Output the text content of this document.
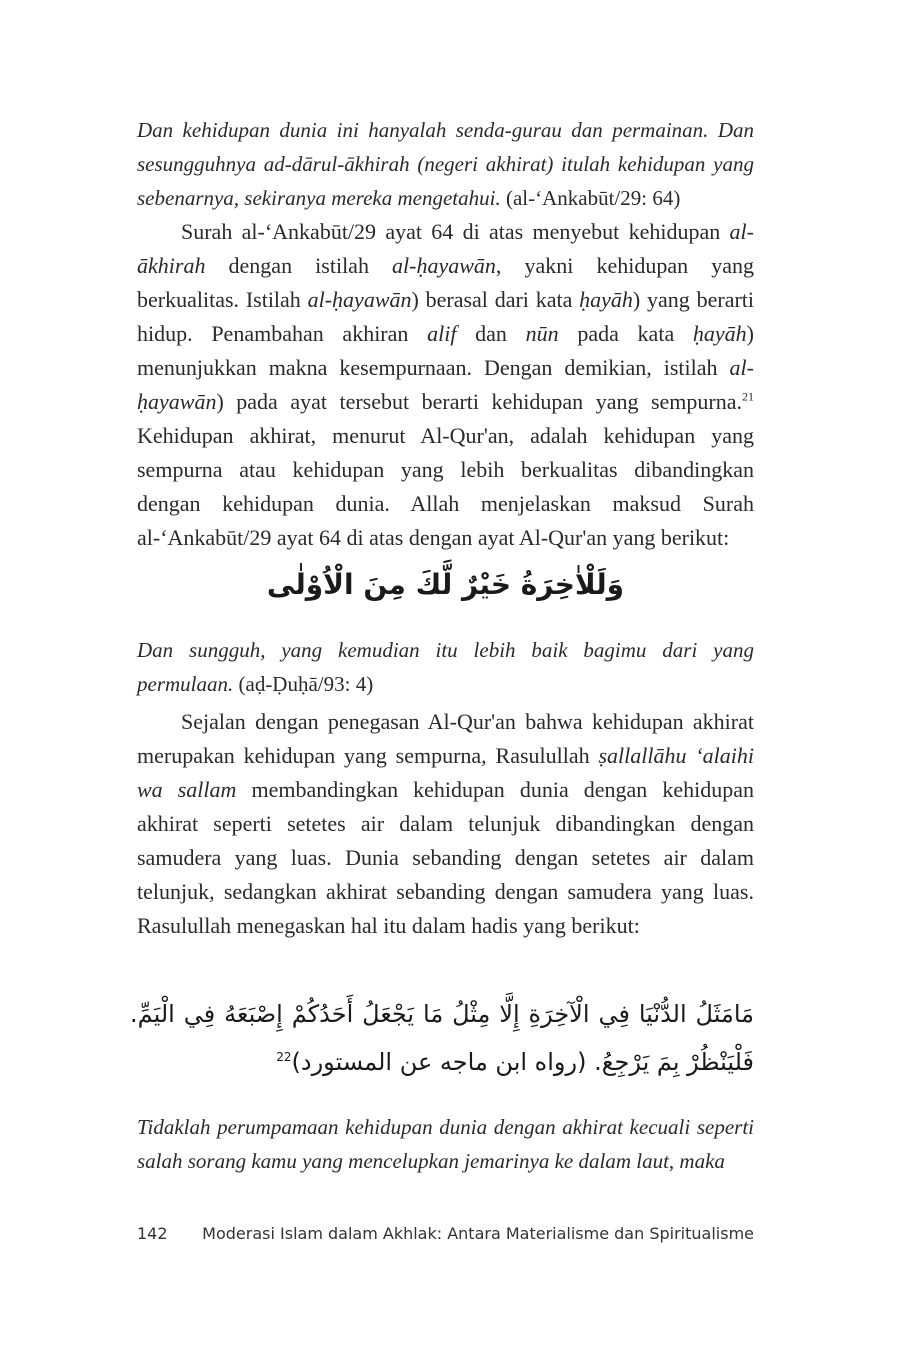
Dan kehidupan dunia ini hanyalah senda-gurau dan permainan. Dan sesungguhnya ad-dārul-ākhirah (negeri akhirat) itulah kehidupan yang sebenarnya, sekiranya mereka mengetahui. (al-‘Ankabūt/29: 64)

Surah al-‘Ankabūt/29 ayat 64 di atas menyebut kehidupan al-ākhirah dengan istilah al-ḥayawān, yakni kehidupan yang berkualitas. Istilah al-ḥayawān) berasal dari kata ḥayāh) yang berarti hidup. Penambahan akhiran alif dan nūn pada kata ḥayāh) menunjukkan makna kesempurnaan. Dengan demikian, istilah al-ḥayawān) pada ayat tersebut berarti kehidupan yang sempurna.$^{21}$ Kehidupan akhirat, menurut Al-Qur'an, adalah kehidupan yang sempurna atau kehidupan yang lebih berkualitas dibandingkan dengan kehidupan dunia. Allah menjelaskan maksud Surah al-‘Ankabūt/29 ayat 64 di atas dengan ayat Al-Qur'an yang berikut:

وَلَلْاٰخِرَةُ خَيْرٌ لَّكَ مِنَ الْاُوْلٰى

Dan sungguh, yang kemudian itu lebih baik bagimu dari yang permulaan. (aḍ-Ḍuḥā/93: 4)

Sejalan dengan penegasan Al-Qur'an bahwa kehidupan akhirat merupakan kehidupan yang sempurna, Rasulullah ṣallallāhu ‘alaihi wa sallam membandingkan kehidupan dunia dengan kehidupan akhirat seperti setetes air dalam telunjuk dibandingkan dengan samudera yang luas. Dunia sebanding dengan setetes air dalam telunjuk, sedangkan akhirat sebanding dengan samudera yang luas. Rasulullah menegaskan hal itu dalam hadis yang berikut:

مَامَثَلُ الدُّنْيَا فِي الْآخِرَةِ إِلَّا مِثْلُ مَا يَجْعَلُ أَحَدُكُمْ إِصْبَعَهُ فِي الْيَمِّ. فَلْيَنْظُرْ بِمَ يَرْجِعُ. (رواه ابن ماجه عن المستورد)$^{22}$

Tidaklah perumpamaan kehidupan dunia dengan akhirat kecuali seperti salah sorang kamu yang mencelupkan jemarinya ke dalam laut, maka

142 Moderasi Islam dalam Akhlak: Antara Materialisme dan Spiritualisme
